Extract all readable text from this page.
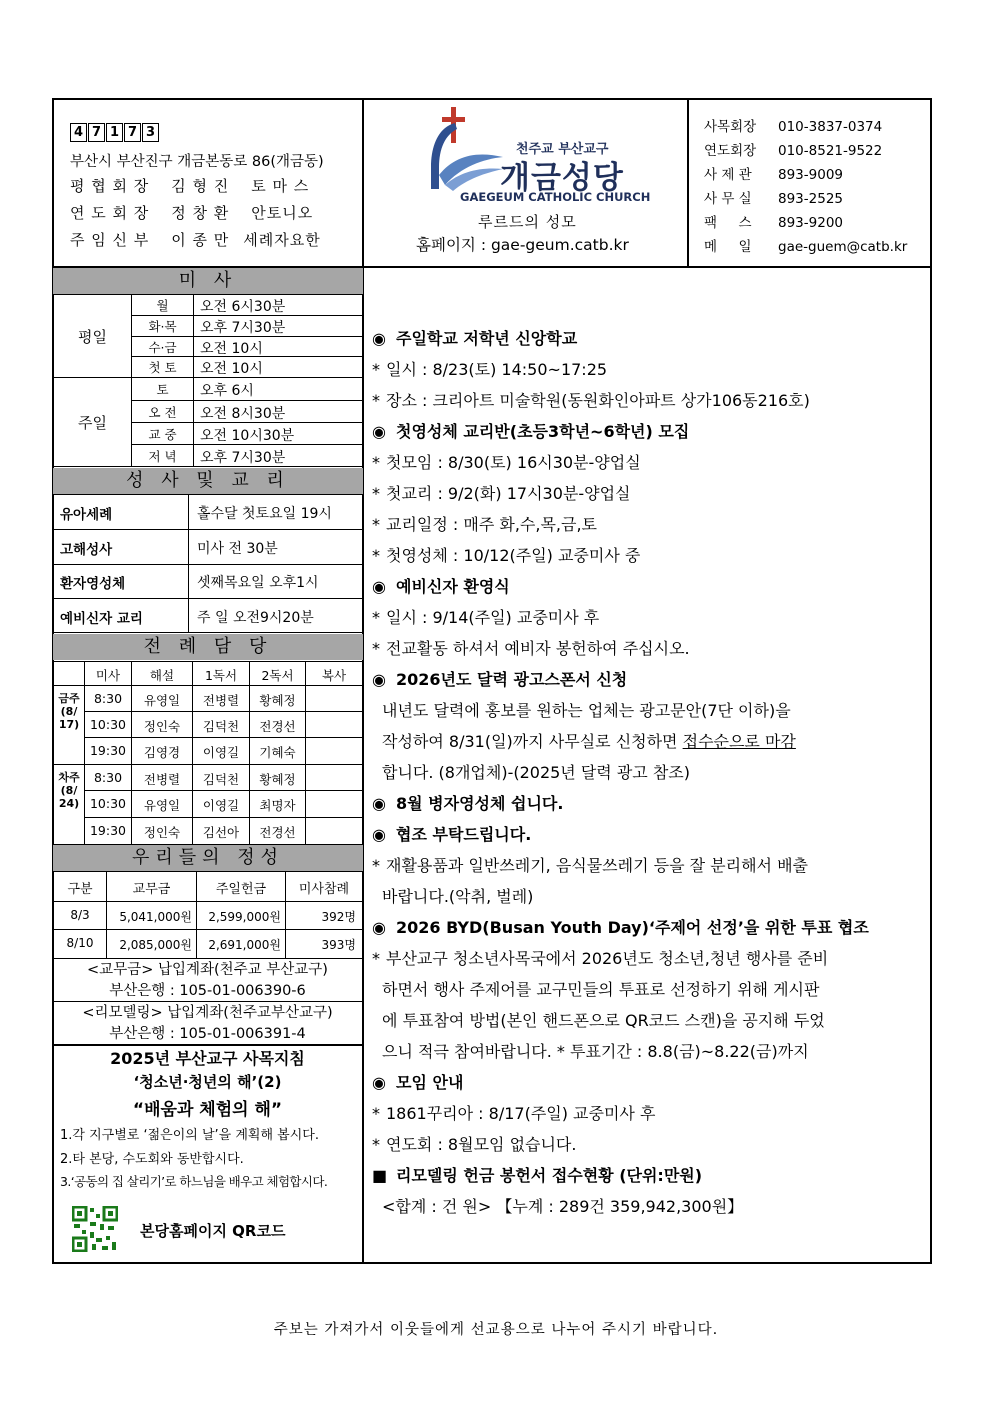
4 7 1 7 3
부산시 부산진구 개금본동로 86(개금동)
평 협 회 장 김 형 진 토 마 스
연 도 회 장 정 창 환 안토니오
주 임 신 부 이 종 만 세례자요한
천주교 부산교구
개금성당
GAEGEUM CATHOLIC CHURCH
루르드의 성모
홈페이지 : gae-geum.catb.kr
사목회장 010-3837-0374
연도회장 010-8521-9522
사 제 관 893-9009
사 무 실 893-2525
팩     스 893-9200
메     일 gae-guem@catb.kr
미 사
평일
주일
월	오전 6시30분
화·목	오후 7시30분
수·금	오전 10시
첫 토	오전 10시
토	오후 6시
오 전	오전 8시30분
교 중	오전 10시30분
저 녁	오후 7시30분
성 사 및 교 리
유아세례	홀수달 첫토요일 19시
고해성사	미사 전 30분
환자영성체	셋째목요일 오후1시
예비신자 교리	주 일 오전9시20분
전 례 담 당
미사	해설	1독서	2독서	복사
금주(8/17)
차주(8/24)
8:30	유영일	전병렬	황혜정
10:30	정인숙	김덕천	전경선
19:30	김영경	이영길	기혜숙
8:30	전병렬	김덕천	황혜정
10:30	유영일	이영길	최명자
19:30	정인숙	김선아	전경선
우리들의 정성
구분	교무금	주일헌금	미사참례
8/3	5,041,000원	2,599,000원	392명
8/10	2,085,000원	2,691,000원	393명
<교무금> 납입계좌(천주교 부산교구)
부산은행 : 105-01-006390-6
<리모델링> 납입계좌(천주교부산교구)
부산은행 : 105-01-006391-4
2025년 부산교구 사목지침
‘청소년·청년의 해’(2)
“배움과 체험의 해”
1.각 지구별로 ‘젊은이의 날’을 계획해 봅시다.
2.타 본당, 수도회와 동반합시다.
3.‘공동의 집 살리기’로 하느님을 배우고 체험합시다.
본당홈페이지 QR코드
◉ 주일학교 저학년 신앙학교
* 일시 : 8/23(토) 14:50~17:25
* 장소 : 크리아트 미술학원(동원화인아파트 상가106동216호)
◉ 첫영성체 교리반(초등3학년~6학년) 모집
* 첫모임 : 8/30(토) 16시30분-양업실
* 첫교리 : 9/2(화) 17시30분-양업실
* 교리일정 : 매주 화,수,목,금,토
* 첫영성체 : 10/12(주일) 교중미사 중
◉ 예비신자 환영식
* 일시 : 9/14(주일) 교중미사 후
* 전교활동 하셔서 예비자 봉헌하여 주십시오.
◉ 2026년도 달력 광고스폰서 신청
내년도 달력에 홍보를 원하는 업체는 광고문안(7단 이하)을
작성하여 8/31(일)까지 사무실로 신청하면 접수순으로 마감
합니다. (8개업체)-(2025년 달력 광고 참조)
◉ 8월 병자영성체 쉽니다.
◉ 협조 부탁드립니다.
* 재활용품과 일반쓰레기, 음식물쓰레기 등을 잘 분리해서 배출
바랍니다.(악취, 벌레)
◉ 2026 BYD(Busan Youth Day)‘주제어 선정’을 위한 투표 협조
* 부산교구 청소년사목국에서 2026년도 청소년,청년 행사를 준비
하면서 행사 주제어를 교구민들의 투표로 선정하기 위해 게시판
에 투표참여 방법(본인 핸드폰으로 QR코드 스캔)을 공지해 두었
으니 적극 참여바랍니다. * 투표기간 : 8.8(금)~8.22(금)까지
◉ 모임 안내
* 1861꾸리아 : 8/17(주일) 교중미사 후
* 연도회 : 8월모임 없습니다.
■ 리모델링 헌금 봉헌서 접수현황 (단위:만원)
<합계 : 건 원> 【누계 : 289건 359,942,300원】
주보는 가져가서 이웃들에게 선교용으로 나누어 주시기 바랍니다.
